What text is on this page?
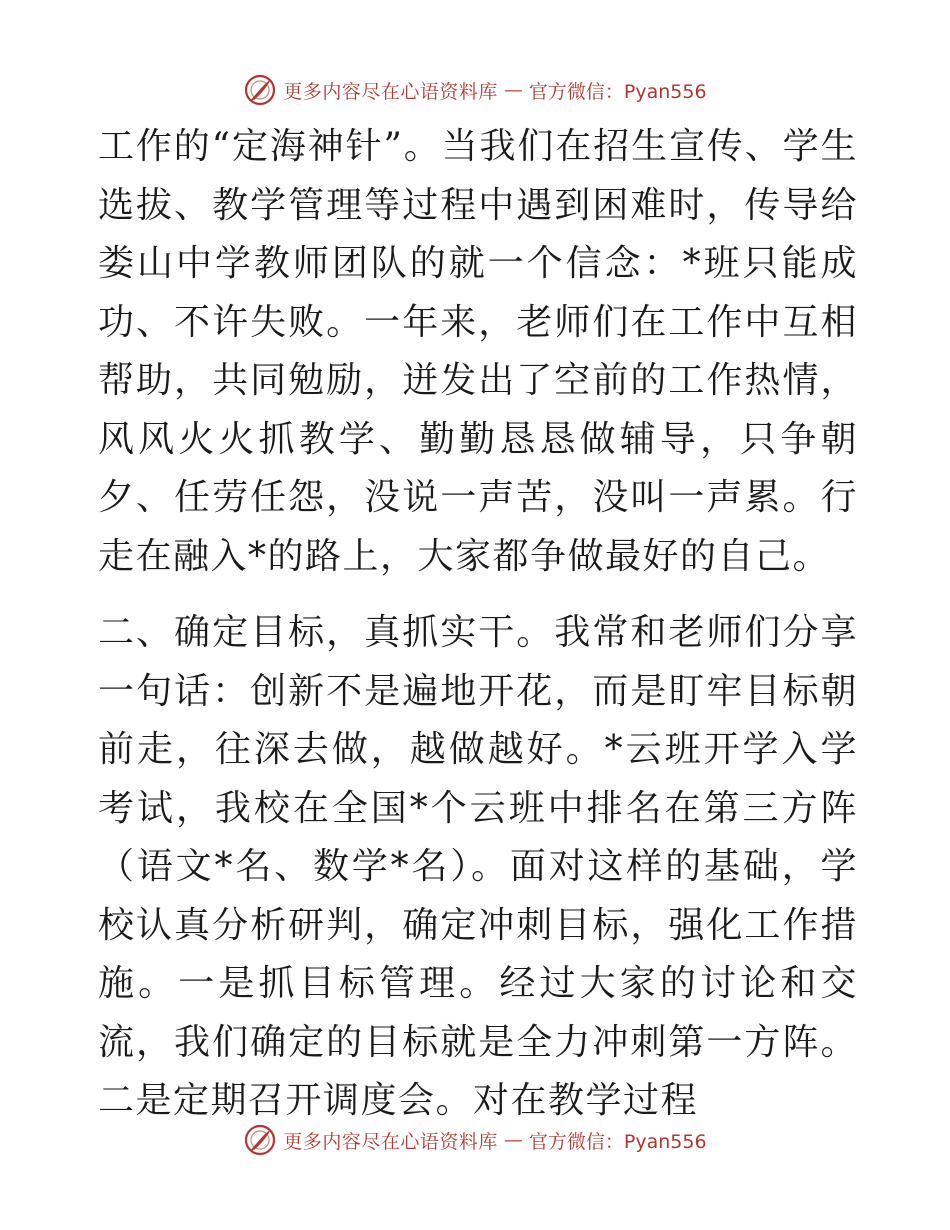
更多内容尽在心语资料库 — 官方微信：Pyan556

工作的“定海神针”。当我们在招生宣传、学生选拔、教学管理等过程中遇到困难时，传导给娄山中学教师团队的就一个信念：*班只能成功、不许失败。一年来，老师们在工作中互相帮助，共同勉励，迸发出了空前的工作热情，风风火火抓教学、勤勤恳恳做辅导，只争朝夕、任劳任怨，没说一声苦，没叫一声累。行走在融入*的路上，大家都争做最好的自己。

二、确定目标，真抓实干。我常和老师们分享一句话：创新不是遍地开花，而是盯牢目标朝前走，往深去做，越做越好。*云班开学入学考试，我校在全国*个云班中排名在第三方阵（语文*名、数学*名）。面对这样的基础，学校认真分析研判，确定冲刺目标，强化工作措施。一是抓目标管理。经过大家的讨论和交流，我们确定的目标就是全力冲刺第一方阵。二是定期召开调度会。对在教学过程

更多内容尽在心语资料库 — 官方微信：Pyan556
